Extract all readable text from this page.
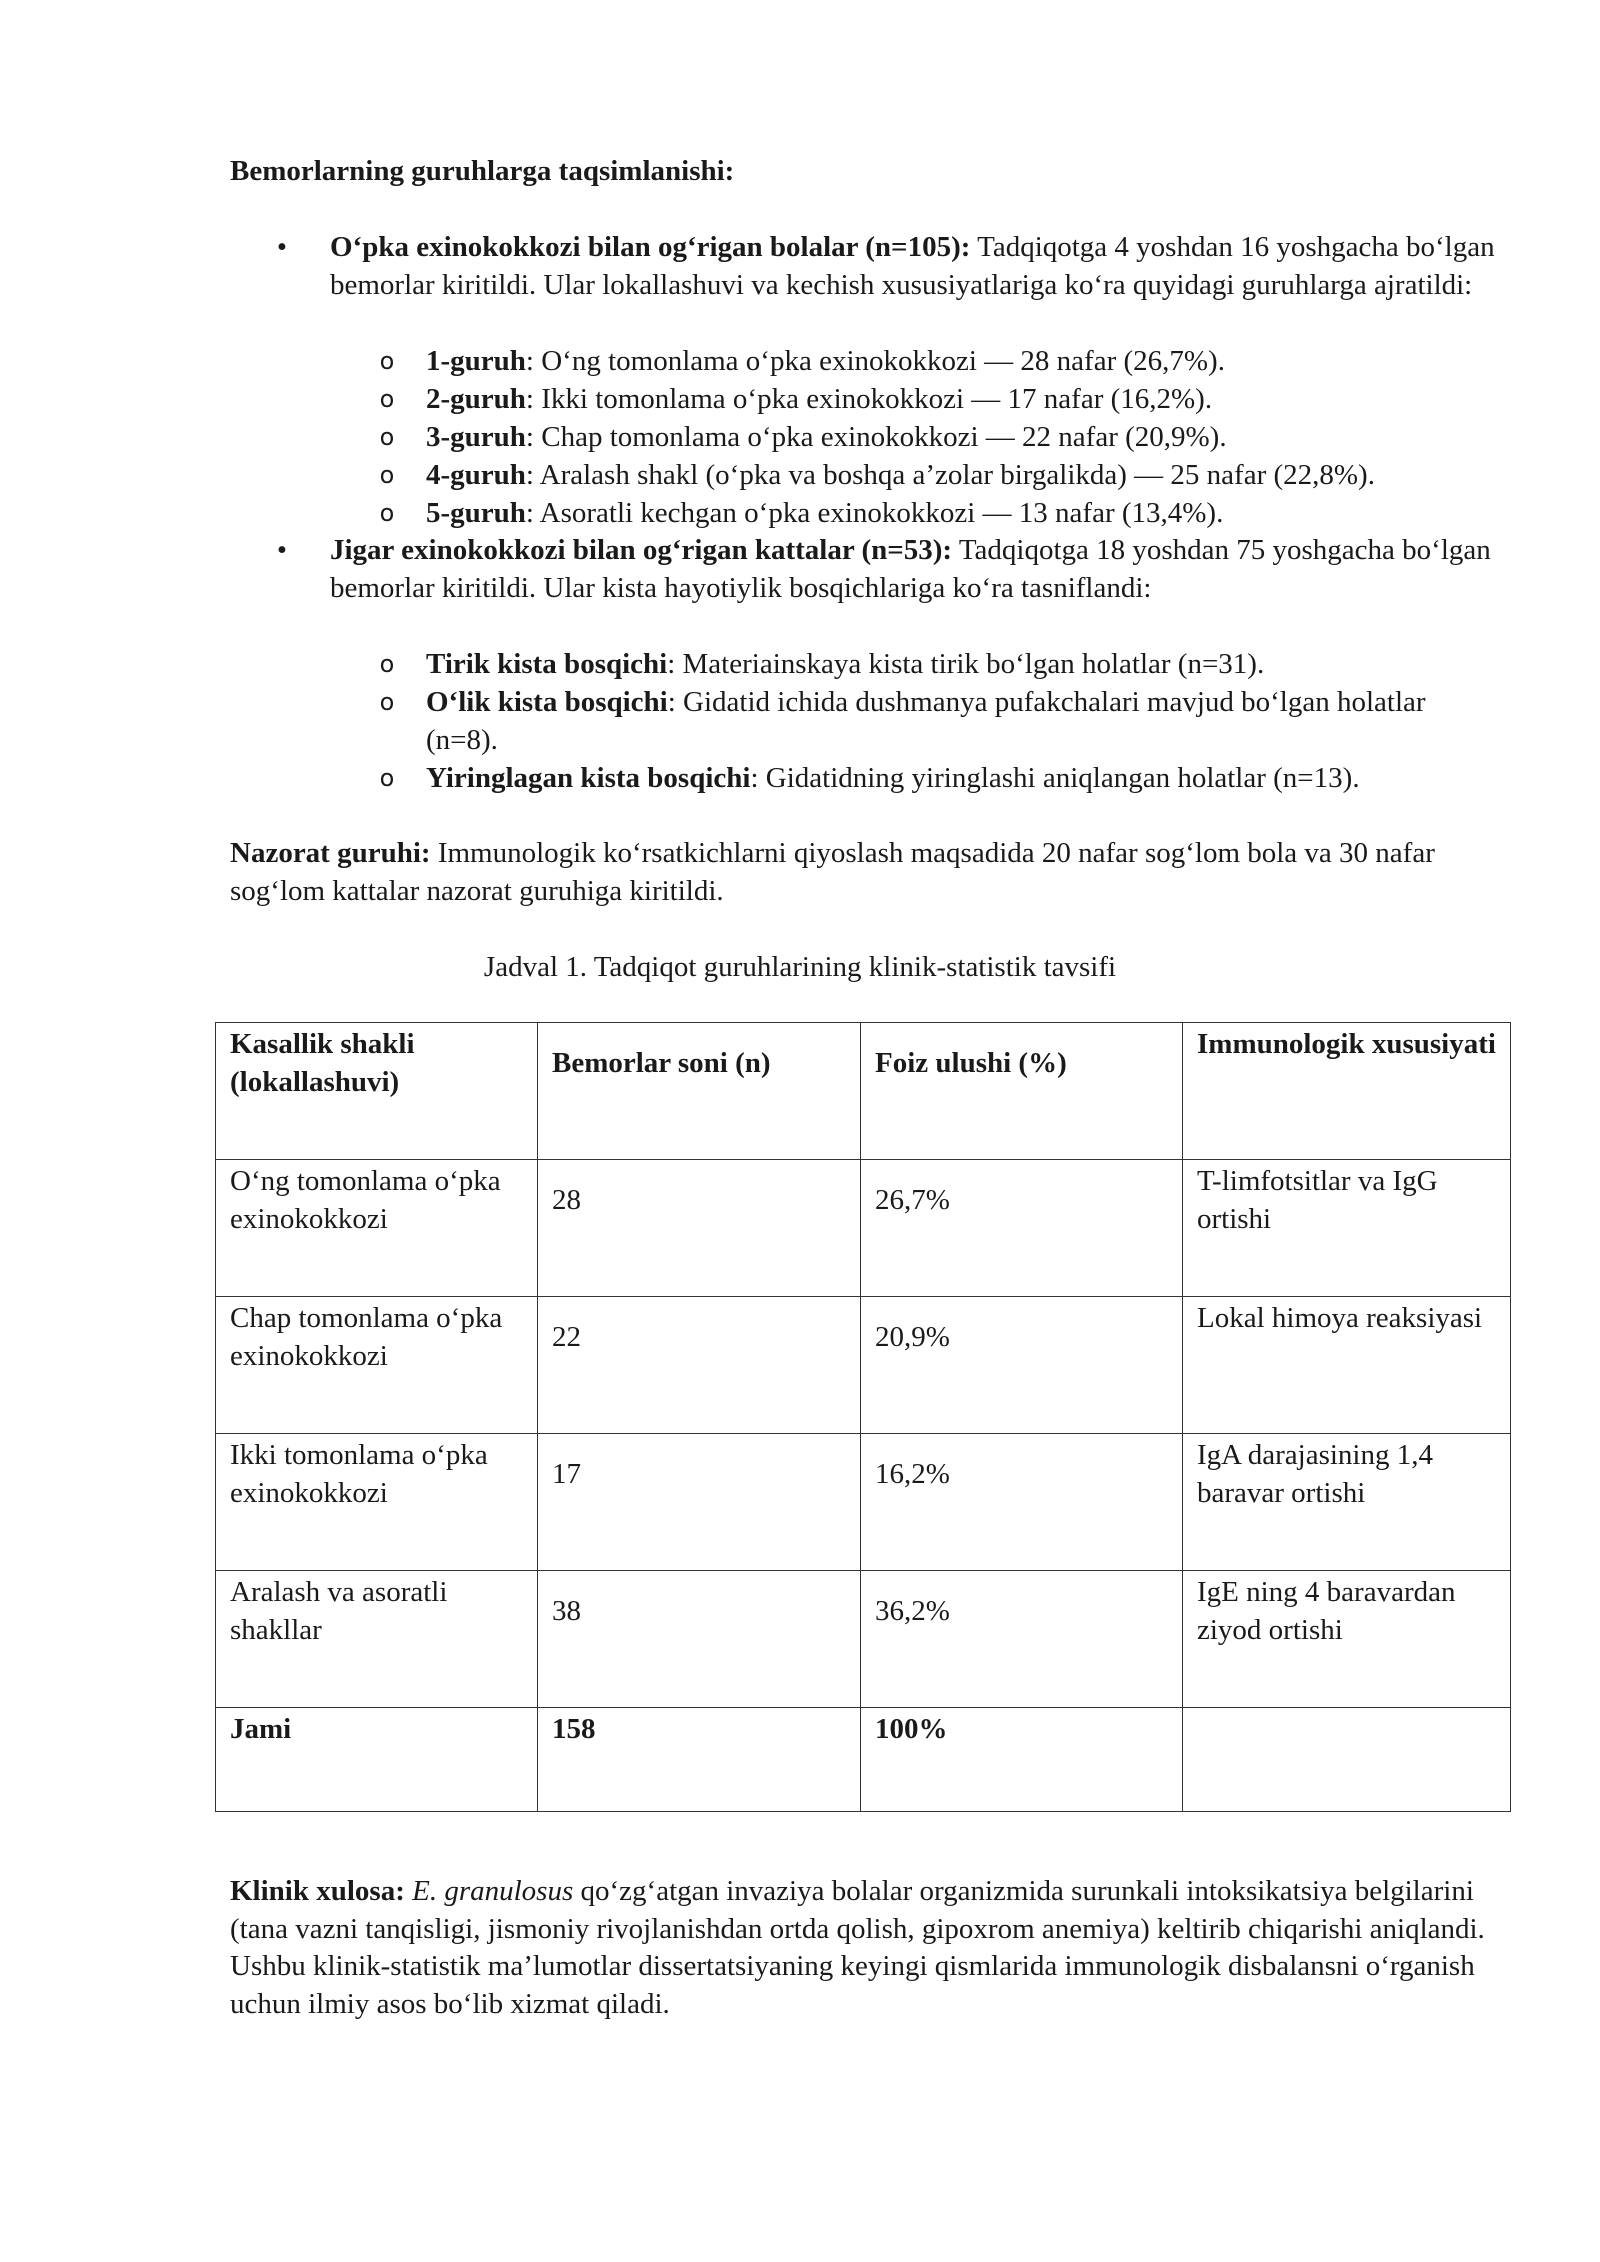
Bemorlarning guruhlarga taqsimlanishi:

•	O‘pka exinokokkozi bilan og‘rigan bolalar (n=105): Tadqiqotga 4 yoshdan 16 yoshgacha bo‘lgan bemorlar kiritildi. Ular lokallashuvi va kechish xususiyatlariga ko‘ra quyidagi guruhlarga ajratildi:

o 1-guruh: O‘ng tomonlama o‘pka exinokokkozi — 28 nafar (26,7%).

o 2-guruh: Ikki tomonlama o‘pka exinokokkozi — 17 nafar (16,2%).

o 3-guruh: Chap tomonlama o‘pka exinokokkozi — 22 nafar (20,9%).

o 4-guruh: Aralash shakl (o‘pka va boshqa a’zolar birgalikda) — 25 nafar (22,8%).

o 5-guruh: Asoratli kechgan o‘pka exinokokkozi — 13 nafar (13,4%).

•	Jigar exinokokkozi bilan og‘rigan kattalar (n=53): Tadqiqotga 18 yoshdan 75 yoshgacha bo‘lgan bemorlar kiritildi. Ular kista hayotiylik bosqichlariga ko‘ra tasniflandi:

o Tirik kista bosqichi: Materiainskaya kista tirik bo‘lgan holatlar (n=31).

o O‘lik kista bosqichi: Gidatid ichida dushmanya pufakchalari mavjud bo‘lgan holatlar (n=8).

o Yiringlagan kista bosqichi: Gidatidning yiringlashi aniqlangan holatlar (n=13).

Nazorat guruhi: Immunologik ko‘rsatkichlarni qiyoslash maqsadida 20 nafar sog‘lom bola va 30 nafar sog‘lom kattalar nazorat guruhiga kiritildi.

Jadval 1. Tadqiqot guruhlarining klinik-statistik tavsifi

Kasallik shakli (lokallashuvi)	Bemorlar soni (n)	Foiz ulushi (%)	Immunologik xususiyati
O‘ng tomonlama o‘pka exinokokkozi	28	26,7%	T-limfotsitlar va IgG ortishi
Chap tomonlama o‘pka exinokokkozi	22	20,9%	Lokal himoya reaksiyasi
Ikki tomonlama o‘pka exinokokkozi	17	16,2%	IgA darajasining 1,4 baravar ortishi
Aralash va asoratli shakllar	38	36,2%	IgE ning 4 baravardan ziyod ortishi
Jami	158	100%	

Klinik xulosa: E. granulosus qo‘zg‘atgan invaziya bolalar organizmida surunkali intoksikatsiya belgilarini (tana vazni tanqisligi, jismoniy rivojlanishdan ortda qolish, gipoxrom anemiya) keltirib chiqarishi aniqlandi. Ushbu klinik-statistik ma’lumotlar dissertatsiyaning keyingi qismlarida immunologik disbalansni o‘rganish uchun ilmiy asos bo‘lib xizmat qiladi.
